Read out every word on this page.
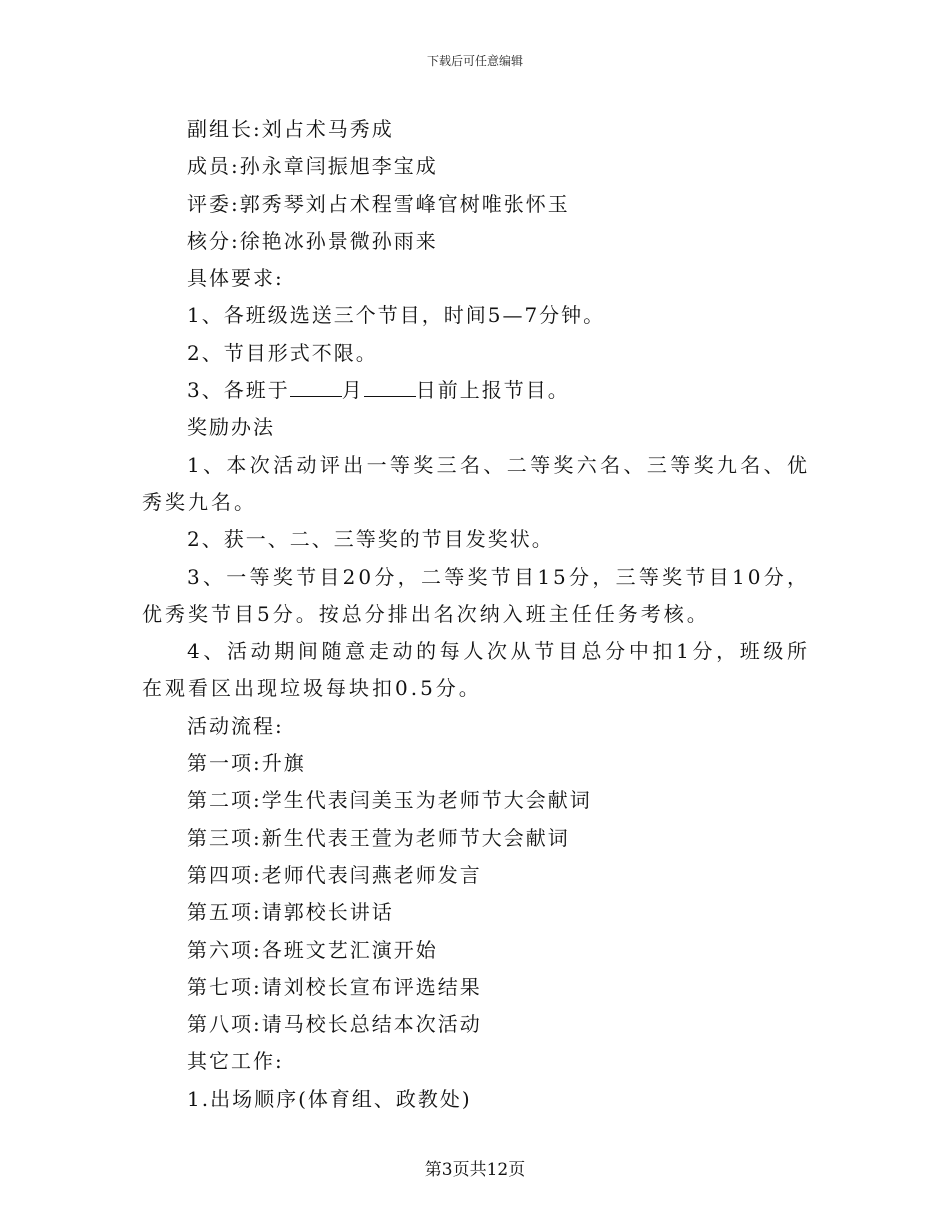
下载后可任意编辑

副组长:刘占术马秀成

成员:孙永章闫振旭李宝成

评委:郭秀琴刘占术程雪峰官树唯张怀玉

核分:徐艳冰孙景微孙雨来

具体要求:

1、各班级选送三个节目，时间5—7分钟。

2、节目形式不限。

3、各班于	月	日前上报节目。

奖励办法

1、本次活动评出一等奖三名、二等奖六名、三等奖九名、优秀奖九名。

2、获一、二、三等奖的节目发奖状。

3、一等奖节目20分，二等奖节目15分，三等奖节目10分，优秀奖节目5分。按总分排出名次纳入班主任任务考核。

4、活动期间随意走动的每人次从节目总分中扣1分，班级所在观看区出现垃圾每块扣0.5分。

活动流程:

第一项:升旗

第二项:学生代表闫美玉为老师节大会献词

第三项:新生代表王萱为老师节大会献词

第四项:老师代表闫燕老师发言

第五项:请郭校长讲话

第六项:各班文艺汇演开始

第七项:请刘校长宣布评选结果

第八项:请马校长总结本次活动

其它工作:

1.出场顺序(体育组、政教处)

第3页共12页
